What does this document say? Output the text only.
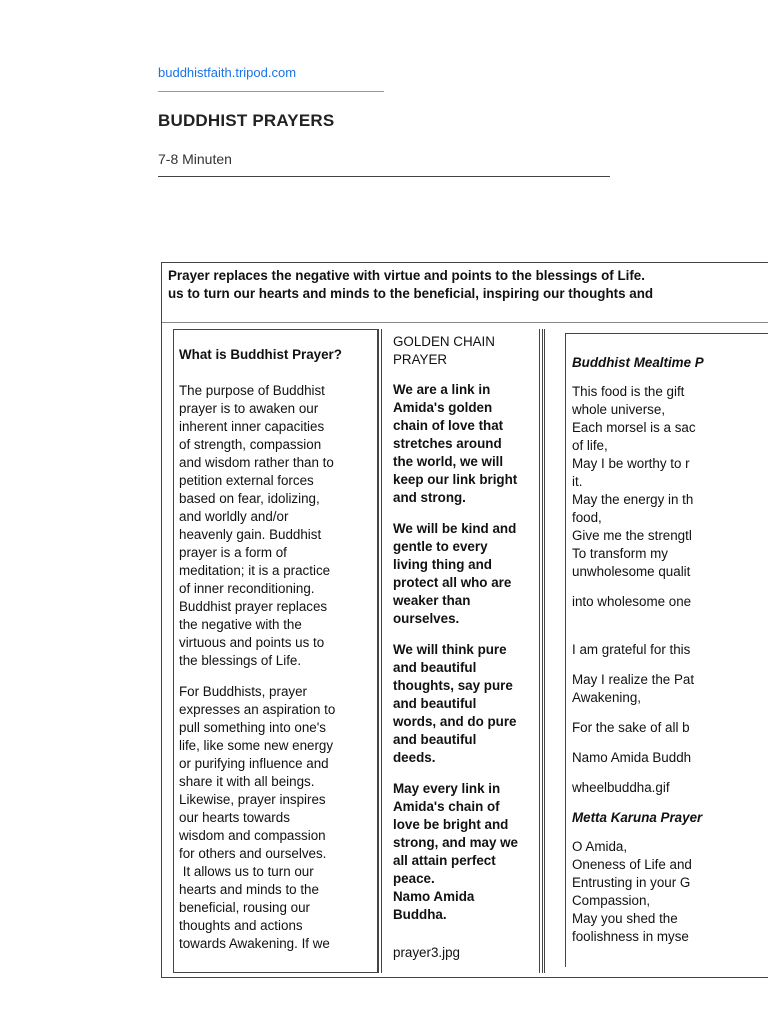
buddhistfaith.tripod.com
BUDDHIST PRAYERS
7-8 Minuten
Prayer replaces the negative with virtue and points to the blessings of Life.
us to turn our hearts and minds to the beneficial, inspiring our thoughts and

What is Buddhist Prayer?

The purpose of Buddhist
prayer is to awaken our
inherent inner capacities
of strength, compassion
and wisdom rather than to
petition external forces
based on fear, idolizing,
and worldly and/or
heavenly gain. Buddhist
prayer is a form of
meditation; it is a practice
of inner reconditioning.
Buddhist prayer replaces
the negative with the
virtuous and points us to
the blessings of Life.

For Buddhists, prayer
expresses an aspiration to
pull something into one's
life, like some new energy
or purifying influence and
share it with all beings.
Likewise, prayer inspires
our hearts towards
wisdom and compassion
for others and ourselves.
It allows us to turn our
hearts and minds to the
beneficial, rousing our
thoughts and actions
towards Awakening. If we

GOLDEN CHAIN
PRAYER

We are a link in
Amida's golden
chain of love that
stretches around
the world, we will
keep our link bright
and strong.

We will be kind and
gentle to every
living thing and
protect all who are
weaker than
ourselves.

We will think pure
and beautiful
thoughts, say pure
and beautiful
words, and do pure
and beautiful
deeds.

May every link in
Amida's chain of
love be bright and
strong, and may we
all attain perfect
peace.
Namo Amida
Buddha.

prayer3.jpg

Buddhist Mealtime P

This food is the gift
whole universe,
Each morsel is a sac
of life,
May I be worthy to r
it.
May the energy in th
food,
Give me the strengtl
To transform my
unwholesome qualit

into wholesome one

I am grateful for this

May I realize the Pat
Awakening,

For the sake of all b

Namo Amida Buddh

wheelbuddha.gif

Metta Karuna Prayer

O Amida,
Oneness of Life and
Entrusting in your G
Compassion,
May you shed the
foolishness in myse
